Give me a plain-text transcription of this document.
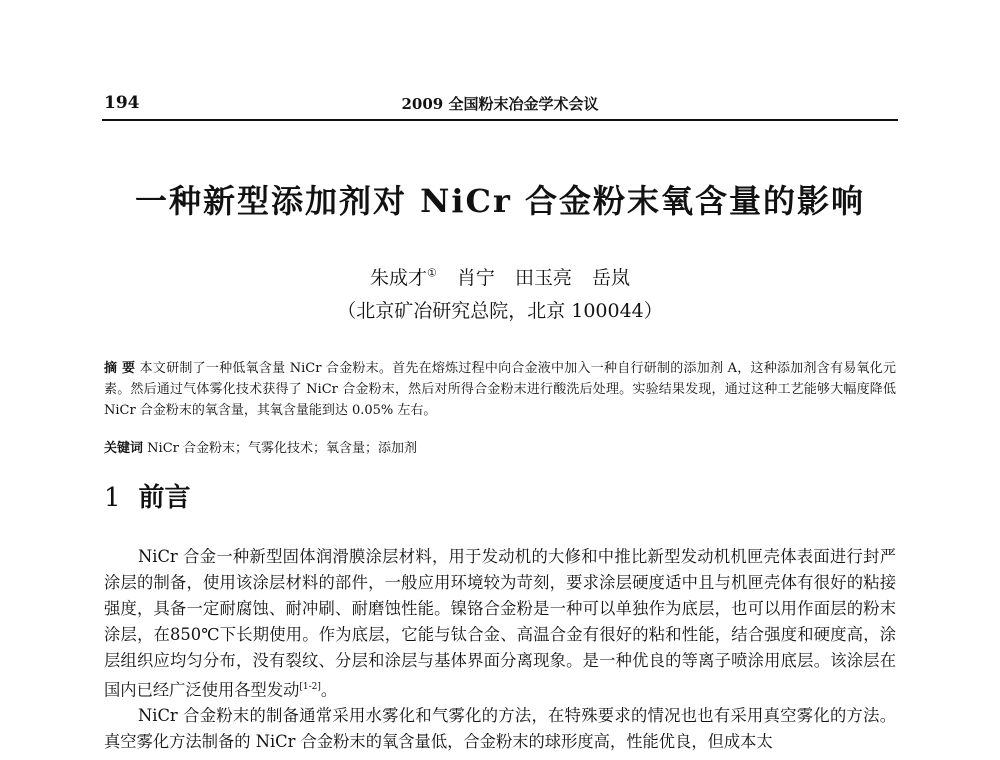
194	2009 全国粉末冶金学术会议
一种新型添加剂对 NiCr 合金粉末氧含量的影响
朱成才① 肖宁 田玉亮 岳岚
（北京矿冶研究总院，北京 100044）
摘 要 本文研制了一种低氧含量 NiCr 合金粉末。首先在熔炼过程中向合金液中加入一种自行研制的添加剂 A，这种添加剂含有易氧化元素。然后通过气体雾化技术获得了 NiCr 合金粉末，然后对所得合金粉末进行酸洗后处理。实验结果发现，通过这种工艺能够大幅度降低 NiCr 合金粉末的氧含量，其氧含量能到达 0.05% 左右。
关键词 NiCr 合金粉末；气雾化技术；氧含量；添加剂
1 前言

NiCr 合金一种新型固体润滑膜涂层材料，用于发动机的大修和中推比新型发动机机匣壳体表面进行封严涂层的制备，使用该涂层材料的部件，一般应用环境较为苛刻，要求涂层硬度适中且与机匣壳体有很好的粘接强度，具备一定耐腐蚀、耐冲刷、耐磨蚀性能。镍铬合金粉是一种可以单独作为底层，也可以用作面层的粉末涂层，在850℃下长期使用。作为底层，它能与钛合金、高温合金有很好的粘和性能，结合强度和硬度高，涂层组织应均匀分布，没有裂纹、分层和涂层与基体界面分离现象。是一种优良的等离子喷涂用底层。该涂层在国内已经广泛使用各型发动[1-2]。

NiCr 合金粉末的制备通常采用水雾化和气雾化的方法，在特殊要求的情况也也有采用真空雾化的方法。真空雾化方法制备的 NiCr 合金粉末的氧含量低，合金粉末的球形度高，性能优良，但成本太
